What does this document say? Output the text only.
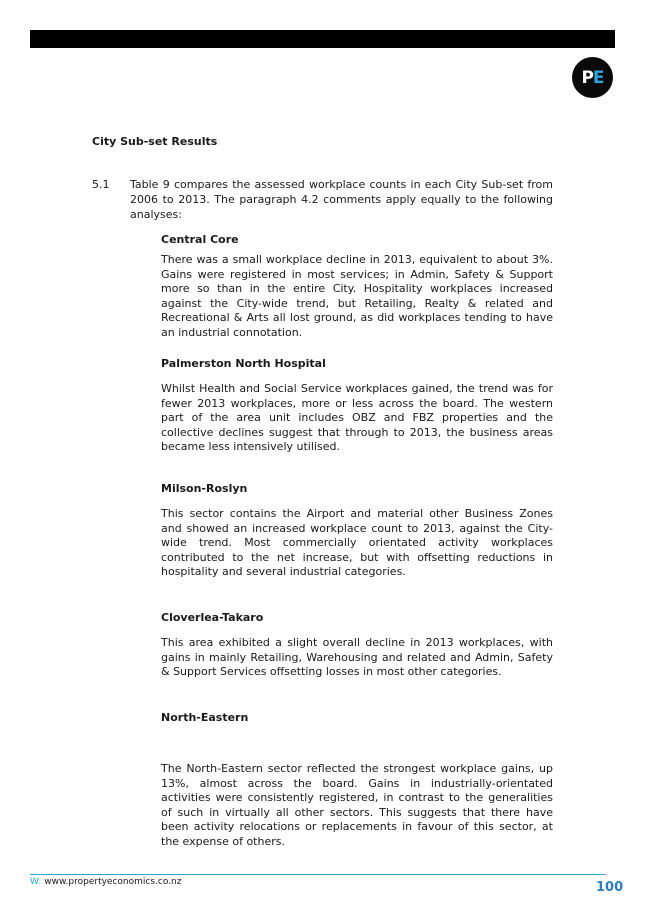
P E
City Sub-set Results
5.1 Table 9 compares the assessed workplace counts in each City Sub-set from 2006 to 2013. The paragraph 4.2 comments apply equally to the following analyses:
Central Core
There was a small workplace decline in 2013, equivalent to about 3%. Gains were registered in most services; in Admin, Safety & Support more so than in the entire City. Hospitality workplaces increased against the City-wide trend, but Retailing, Realty & related and Recreational & Arts all lost ground, as did workplaces tending to have an industrial connotation.
Palmerston North Hospital
Whilst Health and Social Service workplaces gained, the trend was for fewer 2013 workplaces, more or less across the board. The western part of the area unit includes OBZ and FBZ properties and the collective declines suggest that through to 2013, the business areas became less intensively utilised.
Milson-Roslyn
This sector contains the Airport and material other Business Zones and showed an increased workplace count to 2013, against the City-wide trend. Most commercially orientated activity workplaces contributed to the net increase, but with offsetting reductions in hospitality and several industrial categories.
Cloverlea-Takaro
This area exhibited a slight overall decline in 2013 workplaces, with gains in mainly Retailing, Warehousing and related and Admin, Safety & Support Services offsetting losses in most other categories.
North-Eastern
The North-Eastern sector reflected the strongest workplace gains, up 13%, almost across the board. Gains in industrially-orientated activities were consistently registered, in contrast to the generalities of such in virtually all other sectors. This suggests that there have been activity relocations or replacements in favour of this sector, at the expense of others.
W: www.propertyeconomics.co.nz	100
